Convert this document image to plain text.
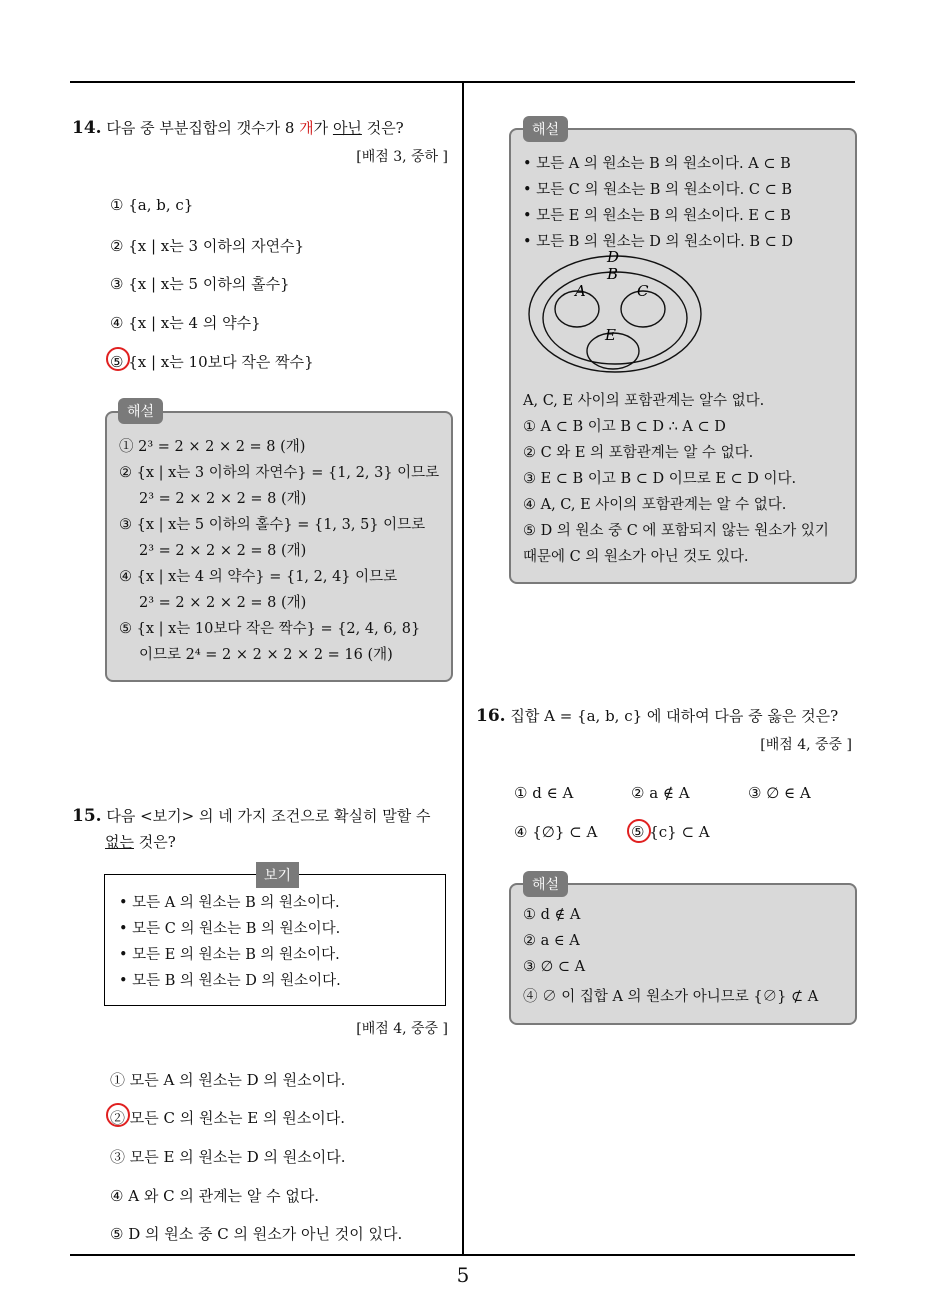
14. 다음 중 부분집합의 갯수가 8 개가 아닌 것은?
[배점 3, 중하 ]
① {a, b, c}
② {x | x는 3 이하의 자연수}
③ {x | x는 5 이하의 홀수}
④ {x | x는 4 의 약수}
⑤ {x | x는 10보다 작은 짝수}
① 2³ = 2 × 2 × 2 = 8 (개)
② {x | x는 3 이하의 자연수} = {1, 2, 3} 이므로
2³ = 2 × 2 × 2 = 8 (개)
③ {x | x는 5 이하의 홀수} = {1, 3, 5} 이므로
2³ = 2 × 2 × 2 = 8 (개)
④ {x | x는 4 의 약수} = {1, 2, 4} 이므로
2³ = 2 × 2 × 2 = 8 (개)
⑤ {x | x는 10보다 작은 짝수} = {2, 4, 6, 8}
이므로 2⁴ = 2 × 2 × 2 × 2 = 16 (개)
해설
15. 다음 <보기> 의 네 가지 조건으로 확실히 말할 수
없는 것은?
• 모든 A 의 원소는 B 의 원소이다.
• 모든 C 의 원소는 B 의 원소이다.
• 모든 E 의 원소는 B 의 원소이다.
• 모든 B 의 원소는 D 의 원소이다.
보기
[배점 4, 중중 ]
① 모든 A 의 원소는 D 의 원소이다.
② 모든 C 의 원소는 E 의 원소이다.
③ 모든 E 의 원소는 D 의 원소이다.
④ A 와 C 의 관계는 알 수 없다.
⑤ D 의 원소 중 C 의 원소가 아닌 것이 있다.
• 모든 A 의 원소는 B 의 원소이다. A ⊂ B
• 모든 C 의 원소는 B 의 원소이다. C ⊂ B
• 모든 E 의 원소는 B 의 원소이다. E ⊂ B
• 모든 B 의 원소는 D 의 원소이다. B ⊂ D
D
B
A	C
E
A, C, E 사이의 포함관계는 알수 없다.
① A ⊂ B 이고 B ⊂ D ∴ A ⊂ D
② C 와 E 의 포함관계는 알 수 없다.
③ E ⊂ B 이고 B ⊂ D 이므로 E ⊂ D 이다.
④ A, C, E 사이의 포함관계는 알 수 없다.
⑤ D 의 원소 중 C 에 포함되지 않는 원소가 있기
때문에 C 의 원소가 아닌 것도 있다.
해설
16. 집합 A = {a, b, c} 에 대하여 다음 중 옳은 것은?
[배점 4, 중중 ]
① d ∈ A	② a ∉ A	③ ∅ ∈ A
④ {∅} ⊂ A ⑤ {c} ⊂ A
① d ∉ A
② a ∈ A
③ ∅ ⊂ A
④ ∅ 이 집합 A 의 원소가 아니므로 {∅} ⊄ A
해설
5
